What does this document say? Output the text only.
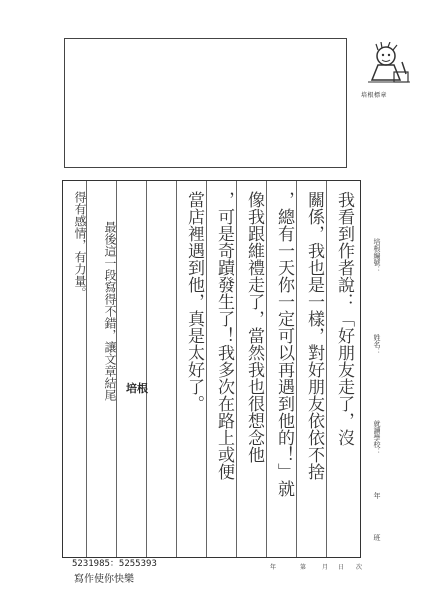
培根標章
我看到作者說：「好朋友走了，沒
關係，我也是一樣，對好朋友依依不捨
，總有一天你一定可以再遇到他的！」就
像我跟維禮走了，當然我也很想念他
，可是奇蹟發生了！我多次在路上或便
當店裡遇到他，真是太好了。
最後這一段寫得不錯，讓文章結尾
得有感情，有力量。
培根
培根編號：
姓名：
就讀學校：
年
班
年	第	月 日 次
5231985：5255393
寫作使你快樂
